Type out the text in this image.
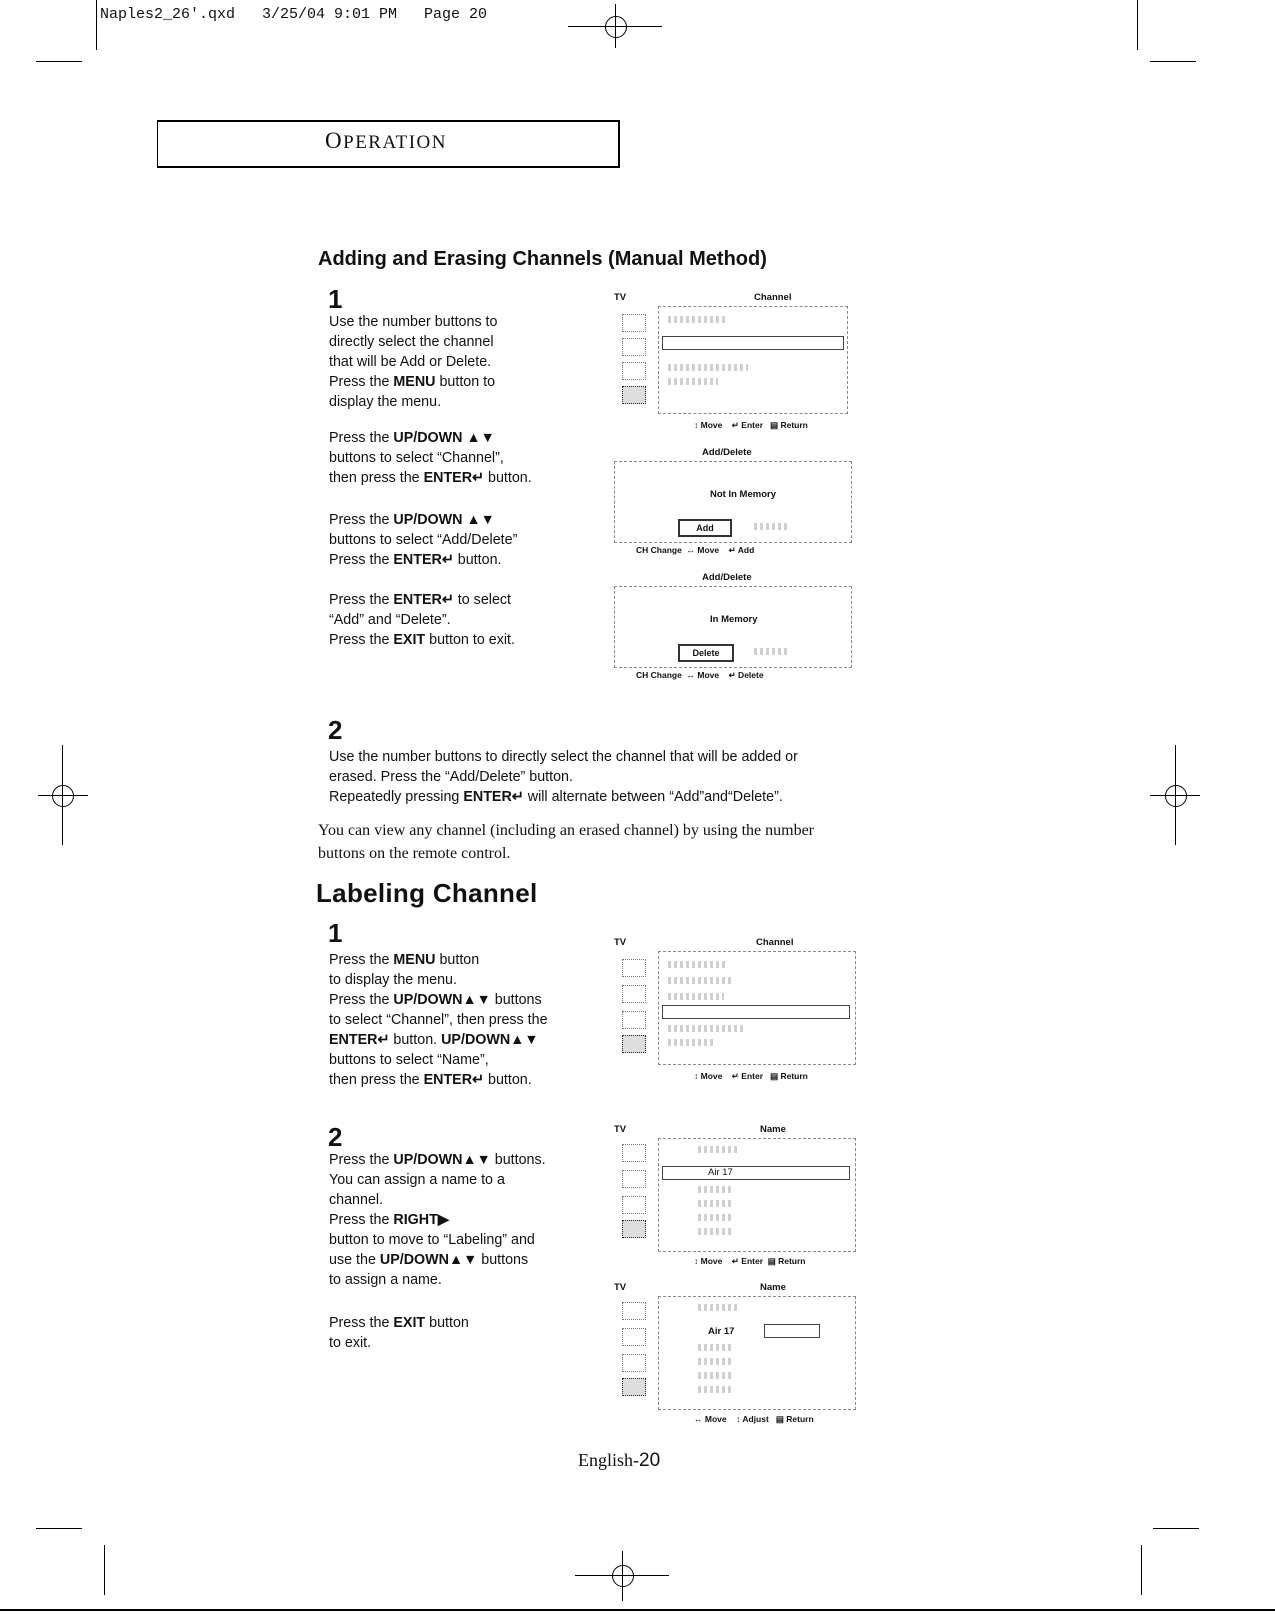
Naples2_26'.qxd   3/25/04 9:01 PM   Page 20
OPERATION
Adding and Erasing Channels (Manual Method)
1
Use the number buttons to
directly select the channel
that will be Add or Delete.
Press the MENU button to
display the menu.
Press the UP/DOWN ▲▼
buttons to select “Channel”,
then press the ENTER↵ button.
Press the UP/DOWN ▲▼
buttons to select “Add/Delete”
Press the ENTER↵ button.
Press the ENTER↵ to select
“Add” and “Delete”.
Press the EXIT button to exit.
TV	Channel
↕ Move    ↵ Enter   ▤ Return
Add/Delete
Not In Memory
Add
CH Change  ↔ Move    ↵ Add
Add/Delete
In Memory
Delete
CH Change  ↔ Move    ↵ Delete
2
Use the number buttons to directly select the channel that will be added or
erased. Press the “Add/Delete” button.
Repeatedly pressing ENTER↵ will alternate between “Add”and“Delete”.
You can view any channel (including an erased channel) by using the number
buttons on the remote control.
Labeling Channel
1
Press the MENU button
to display the menu.
Press the UP/DOWN▲▼ buttons
to select “Channel”, then press the
ENTER↵ button. UP/DOWN▲▼
buttons to select “Name”,
then press the ENTER↵ button.
TV	Channel
↕ Move    ↵ Enter   ▤ Return
2
Press the UP/DOWN▲▼ buttons.
You can assign a name to a
channel.
Press the RIGHT▶
button to move to “Labeling” and
use the UP/DOWN▲▼ buttons
to assign a name.
Press the EXIT button
to exit.
TV	Name
Air 17
↕ Move    ↵ Enter  ▤ Return
TV	Name
Air 17
↔ Move    ↕ Adjust   ▤ Return
English-20
